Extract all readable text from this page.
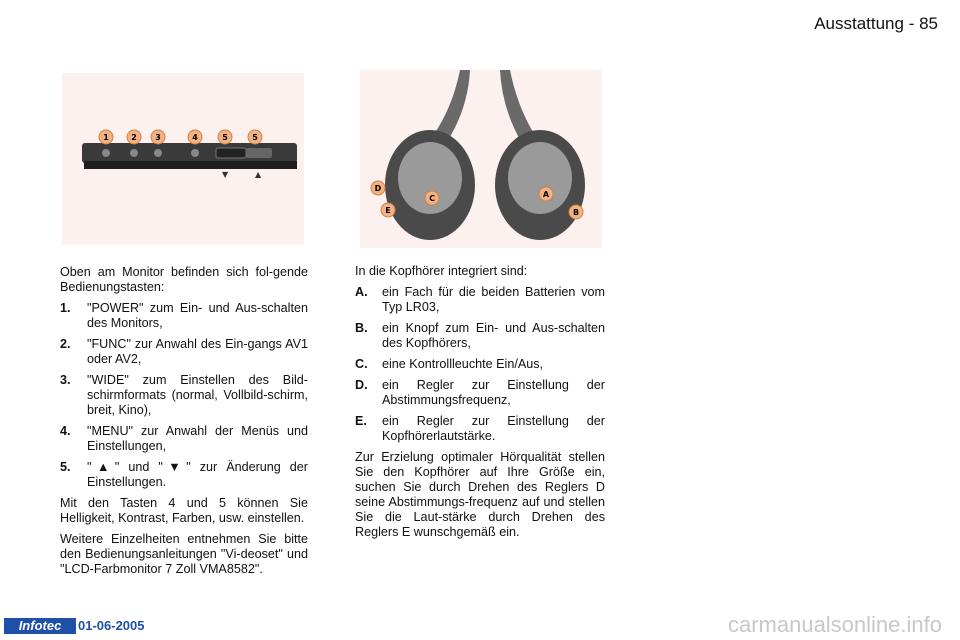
Ausstattung - 85
▼	▲
1	2 3	4	5	5
D
E
C	A
B

Oben am Monitor befinden sich fol-gende Bedienungstasten:

1.	"POWER" zum Ein- und Aus-schalten des Monitors,
2.	"FUNC" zur Anwahl des Ein-gangs AV1 oder AV2,
3.	"WIDE" zum Einstellen des Bild-schirmformats (normal, Vollbild-schirm, breit, Kino),
4.	"MENU" zur Anwahl der Menüs und Einstellungen,
5.	"▲" und "▼" zur Änderung der Einstellungen.

Mit den Tasten 4 und 5 können Sie Helligkeit, Kontrast, Farben, usw. einstellen.

Weitere Einzelheiten entnehmen Sie bitte den Bedienungsanleitungen "Vi-deoset" und "LCD-Farbmonitor 7 Zoll VMA8582".

In die Kopfhörer integriert sind:

A.	ein Fach für die beiden Batterien vom Typ LR03,
B.	ein Knopf zum Ein- und Aus-schalten des Kopfhörers,
C.	eine Kontrollleuchte Ein/Aus,
D.	ein Regler zur Einstellung der Abstimmungsfrequenz,
E.	ein Regler zur Einstellung der Kopfhörerlautstärke.

Zur Erzielung optimaler Hörqualität stellen Sie den Kopfhörer auf Ihre Größe ein, suchen Sie durch Drehen des Reglers D seine Abstimmungs-frequenz auf und stellen Sie die Laut-stärke durch Drehen des Reglers E wunschgemäß ein.

Infotec	01-06-2005	carmanualsonline.info
